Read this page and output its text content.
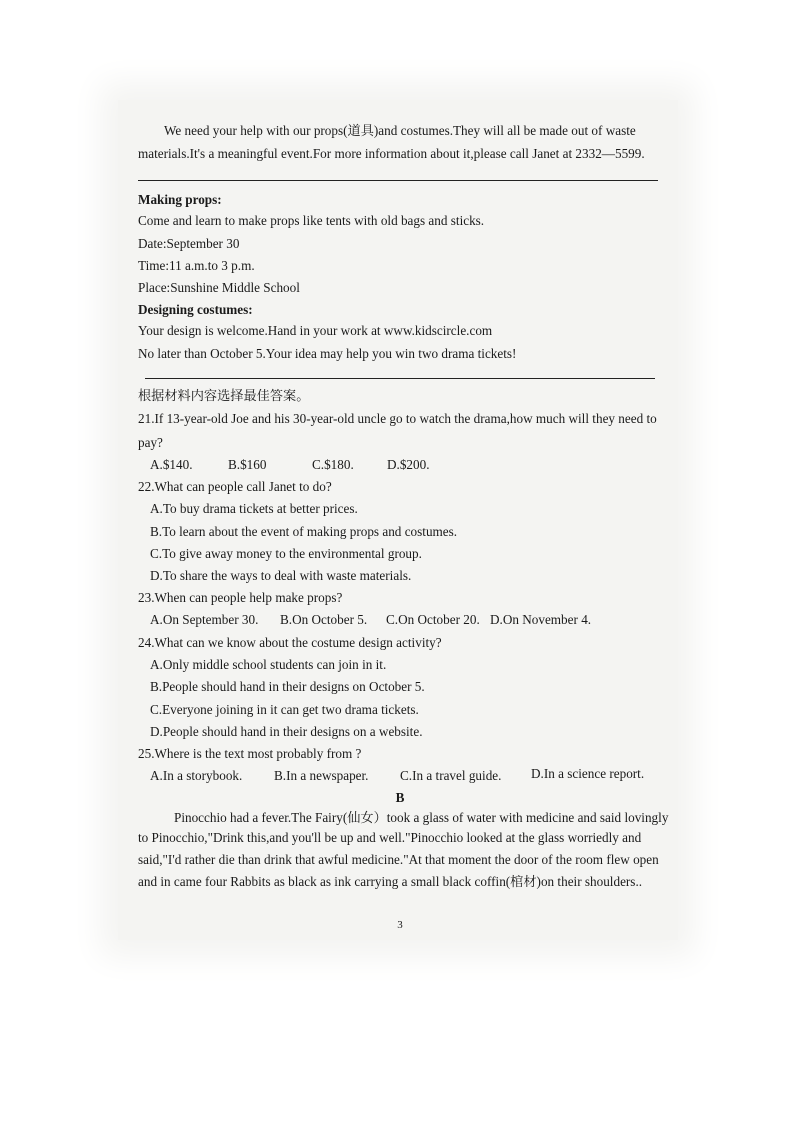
We need your help with our props(道具)and costumes.They will all be made out of waste
materials.It's a meaningful event.For more information about it,please call Janet at 2332—5599.
Making props:
Come and learn to make props like tents with old bags and sticks.
Date:September 30
Time:11 a.m.to 3 p.m.
Place:Sunshine Middle School
Designing costumes:
Your design is welcome.Hand in your work at www.kidscircle.com
No later than October 5.Your idea may help you win two drama tickets!
根据材料内容选择最佳答案。
21.If 13-year-old Joe and his 30-year-old uncle go to watch the drama,how much will they need to
pay?
A.$140.	B.$160	C.$180.	D.$200.
22.What can people call Janet to do?
A.To buy drama tickets at better prices.
B.To learn about the event of making props and costumes.
C.To give away money to the environmental group.
D.To share the ways to deal with waste materials.
23.When can people help make props?
A.On September 30. B.On October 5. C.On October 20. D.On November 4.
24.What can we know about the costume design activity?
A.Only middle school students can join in it.
B.People should hand in their designs on October 5.
C.Everyone joining in it can get two drama tickets.
D.People should hand in their designs on a website.
25.Where is the text most probably from ?
A.In a storybook. B.In a newspaper. C.In a travel guide. D.In a science report.
B
Pinocchio had a fever.The Fairy(仙女）took a glass of water with medicine and said lovingly
to Pinocchio,"Drink this,and you'll be up and well."Pinocchio looked at the glass worriedly and
said,"I'd rather die than drink that awful medicine."At that moment the door of the room flew open
and in came four Rabbits as black as ink carrying a small black coffin(棺材)on their shoulders..
3
